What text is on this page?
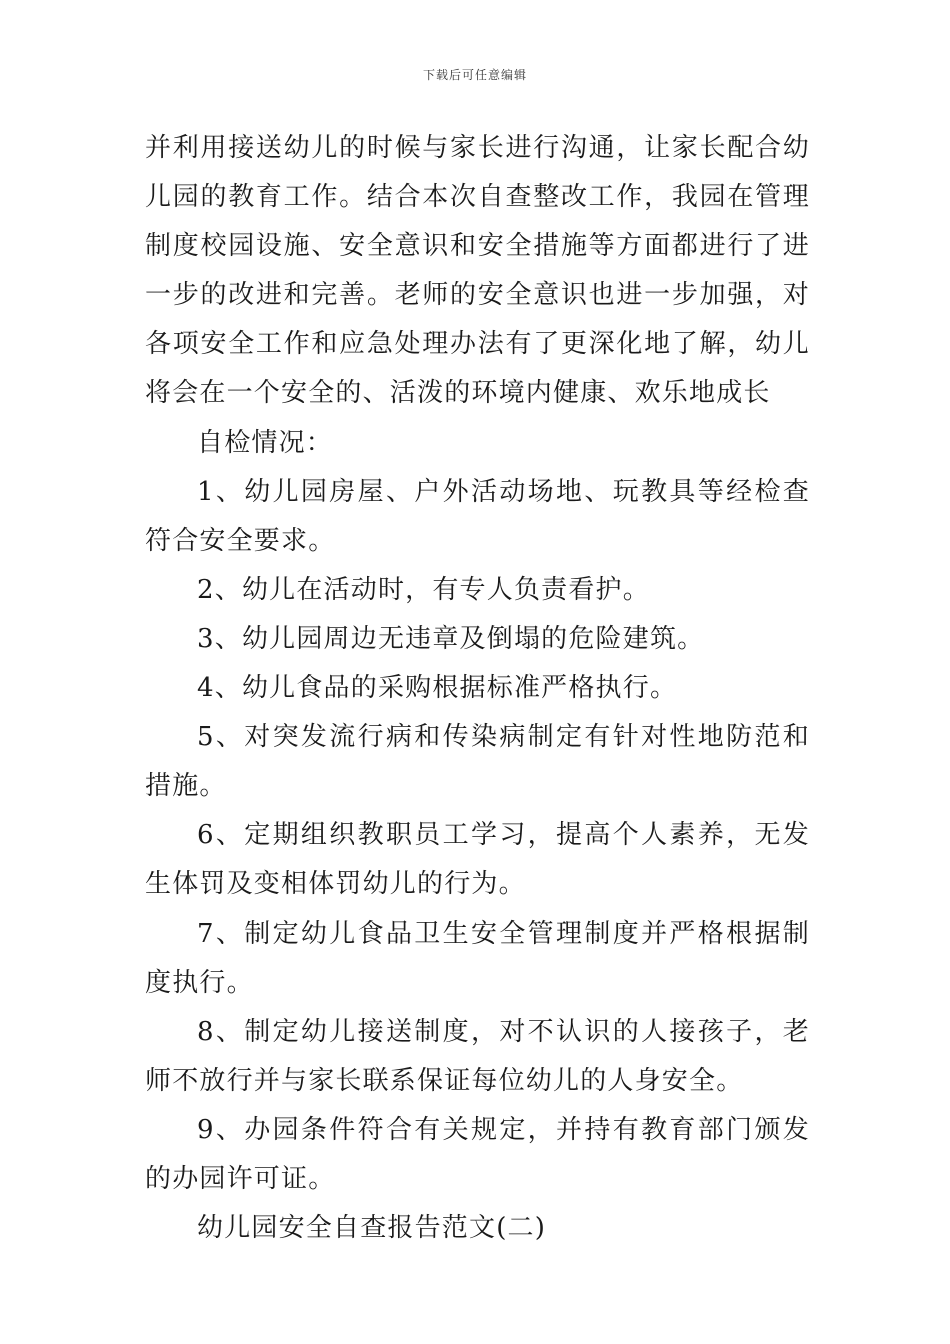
下载后可任意编辑

并利用接送幼儿的时候与家长进行沟通，让家长配合幼儿园的教育工作。结合本次自查整改工作，我园在管理制度校园设施、安全意识和安全措施等方面都进行了进一步的改进和完善。老师的安全意识也进一步加强，对各项安全工作和应急处理办法有了更深化地了解，幼儿将会在一个安全的、活泼的环境内健康、欢乐地成长

自检情况：

1、幼儿园房屋、户外活动场地、玩教具等经检查符合安全要求。

2、幼儿在活动时，有专人负责看护。

3、幼儿园周边无违章及倒塌的危险建筑。

4、幼儿食品的采购根据标准严格执行。

5、对突发流行病和传染病制定有针对性地防范和措施。

6、定期组织教职员工学习，提高个人素养，无发生体罚及变相体罚幼儿的行为。

7、制定幼儿食品卫生安全管理制度并严格根据制度执行。

8、制定幼儿接送制度，对不认识的人接孩子，老师不放行并与家长联系保证每位幼儿的人身安全。

9、办园条件符合有关规定，并持有教育部门颁发的办园许可证。

幼儿园安全自查报告范文(二)
